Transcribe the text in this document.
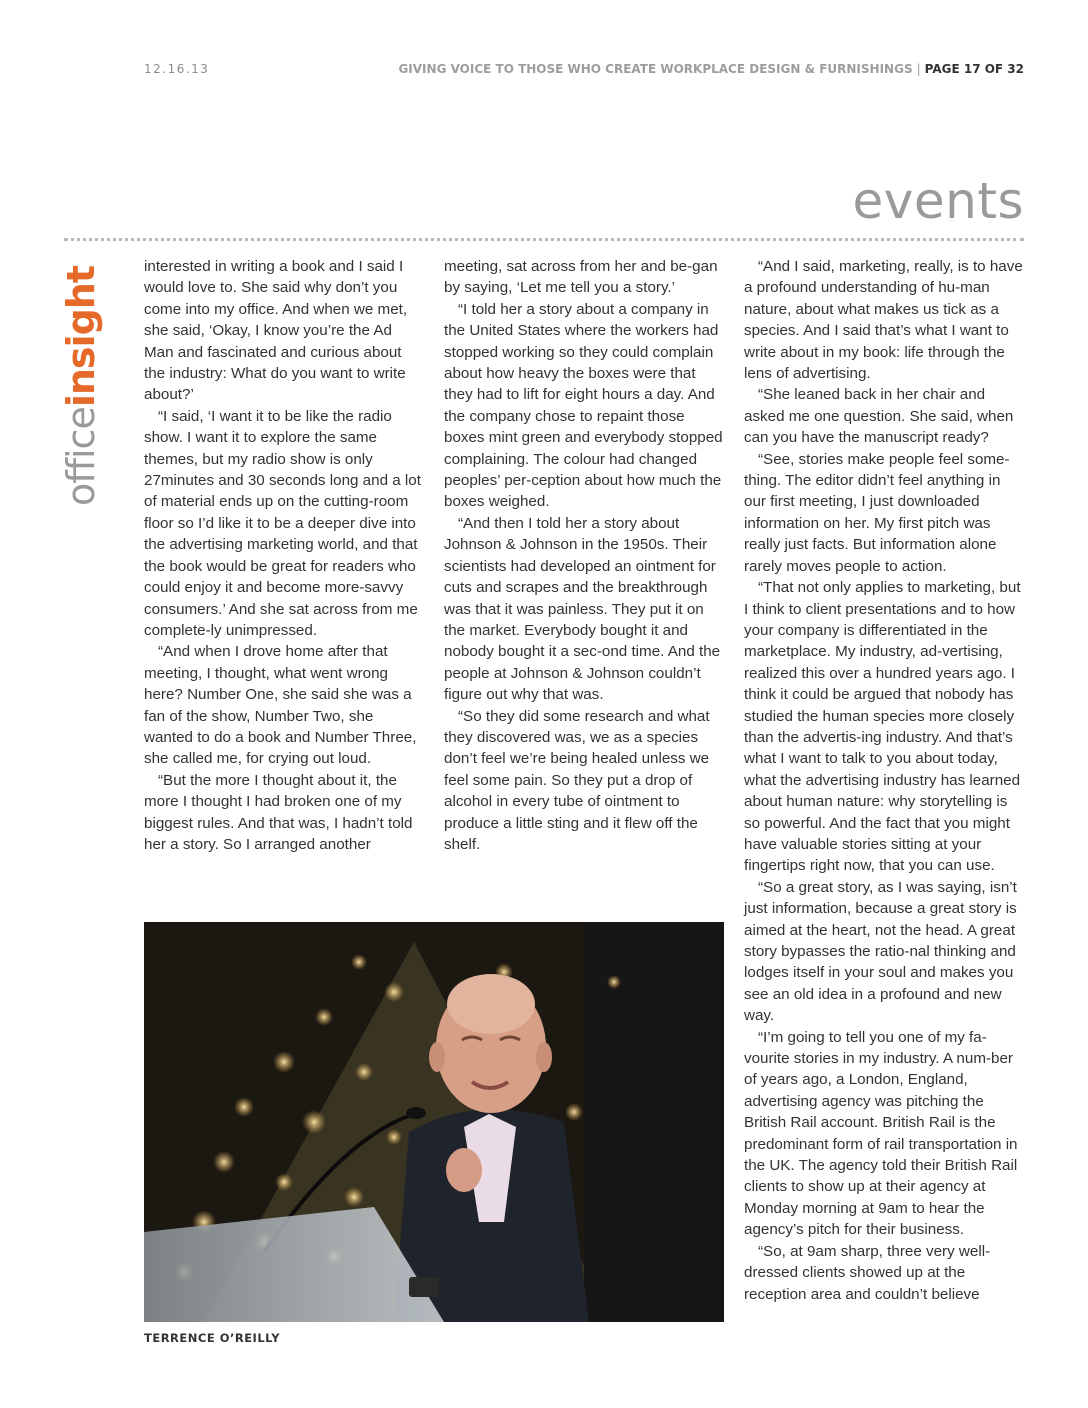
12.16.13	GIVING VOICE TO THOSE WHO CREATE WORKPLACE DESIGN & FURNISHINGS | PAGE 17 OF 32
events
officeinsight	interested in writing a book and I said I would love to. She said why don’t you come into my office. And when we met, she said, ‘Okay, I know you’re the Ad Man and fascinated and curious about the industry: What do you want to write about?’

“I said, ‘I want it to be like the radio show. I want it to explore the same themes, but my radio show is only 27minutes and 30 seconds long and a lot of material ends up on the cutting-room floor so I’d like it to be a deeper dive into the advertising marketing world, and that the book would be great for readers who could enjoy it and become more-savvy consumers.’ And she sat across from me complete-ly unimpressed.

“And when I drove home after that meeting, I thought, what went wrong here? Number One, she said she was a fan of the show, Number Two, she wanted to do a book and Number Three, she called me, for crying out loud.

“But the more I thought about it, the more I thought I had broken one of my biggest rules. And that was, I hadn’t told her a story. So I arranged another

meeting, sat across from her and be-gan by saying, ‘Let me tell you a story.’

“I told her a story about a company in the United States where the workers had stopped working so they could complain about how heavy the boxes were that they had to lift for eight hours a day. And the company chose to repaint those boxes mint green and everybody stopped complaining. The colour had changed peoples’ per-ception about how much the boxes weighed.

“And then I told her a story about Johnson & Johnson in the 1950s. Their scientists had developed an ointment for cuts and scrapes and the breakthrough was that it was painless. They put it on the market. Everybody bought it and nobody bought it a sec-ond time. And the people at Johnson & Johnson couldn’t figure out why that was.

“So they did some research and what they discovered was, we as a species don’t feel we’re being healed unless we feel some pain. So they put a drop of alcohol in every tube of ointment to produce a little sting and it flew off the shelf.

“And I said, marketing, really, is to have a profound understanding of hu-man nature, about what makes us tick as a species. And I said that’s what I want to write about in my book: life through the lens of advertising.

“She leaned back in her chair and asked me one question. She said, when can you have the manuscript ready?

“See, stories make people feel some-thing. The editor didn’t feel anything in our first meeting, I just downloaded information on her. My first pitch was really just facts. But information alone rarely moves people to action.

“That not only applies to marketing, but I think to client presentations and to how your company is differentiated in the marketplace. My industry, ad-vertising, realized this over a hundred years ago. I think it could be argued that nobody has studied the human species more closely than the advertis-ing industry. And that’s what I want to talk to you about today, what the advertising industry has learned about human nature: why storytelling is so powerful. And the fact that you might have valuable stories sitting at your fingertips right now, that you can use.

“So a great story, as I was saying, isn’t just information, because a great story is aimed at the heart, not the head. A great story bypasses the ratio-nal thinking and lodges itself in your soul and makes you see an old idea in a profound and new way.

“I’m going to tell you one of my fa-vourite stories in my industry. A num-ber of years ago, a London, England, advertising agency was pitching the British Rail account. British Rail is the predominant form of rail transportation in the UK. The agency told their British Rail clients to show up at their agency at Monday morning at 9am to hear the agency’s pitch for their business.

“So, at 9am sharp, three very well-dressed clients showed up at the reception area and couldn’t believe

TERRENCE O’REILLY
